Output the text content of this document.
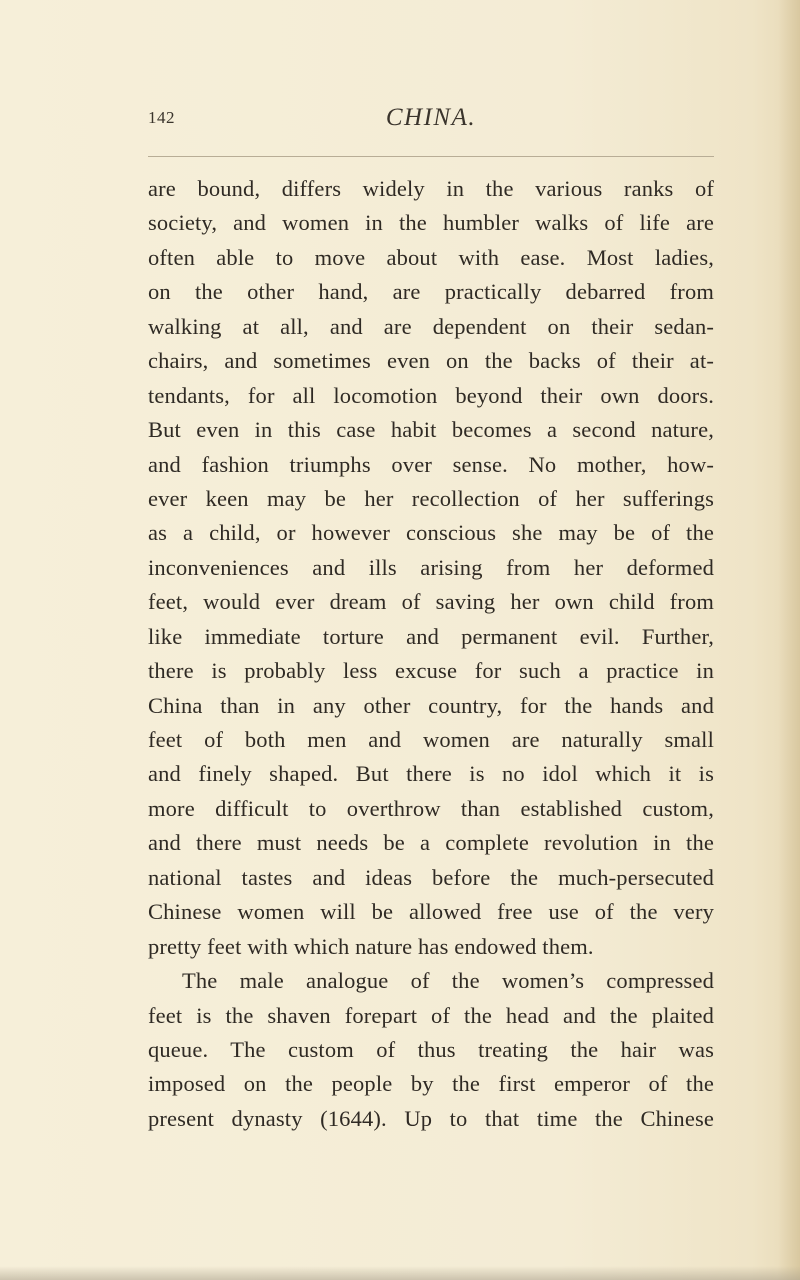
142	CHINA.
are bound, differs widely in the various ranks of
society, and women in the humbler walks of life are
often able to move about with ease. Most ladies,
on the other hand, are practically debarred from
walking at all, and are dependent on their sedan-
chairs, and sometimes even on the backs of their at-
tendants, for all locomotion beyond their own doors.
But even in this case habit becomes a second nature,
and fashion triumphs over sense. No mother, how-
ever keen may be her recollection of her sufferings
as a child, or however conscious she may be of the
inconveniences and ills arising from her deformed
feet, would ever dream of saving her own child from
like immediate torture and permanent evil. Further,
there is probably less excuse for such a practice in
China than in any other country, for the hands and
feet of both men and women are naturally small
and finely shaped. But there is no idol which it is
more difficult to overthrow than established custom,
and there must needs be a complete revolution in the
national tastes and ideas before the much-persecuted
Chinese women will be allowed free use of the very
pretty feet with which nature has endowed them.
The male analogue of the women’s compressed
feet is the shaven forepart of the head and the plaited
queue. The custom of thus treating the hair was
imposed on the people by the first emperor of the
present dynasty (1644). Up to that time the Chinese
